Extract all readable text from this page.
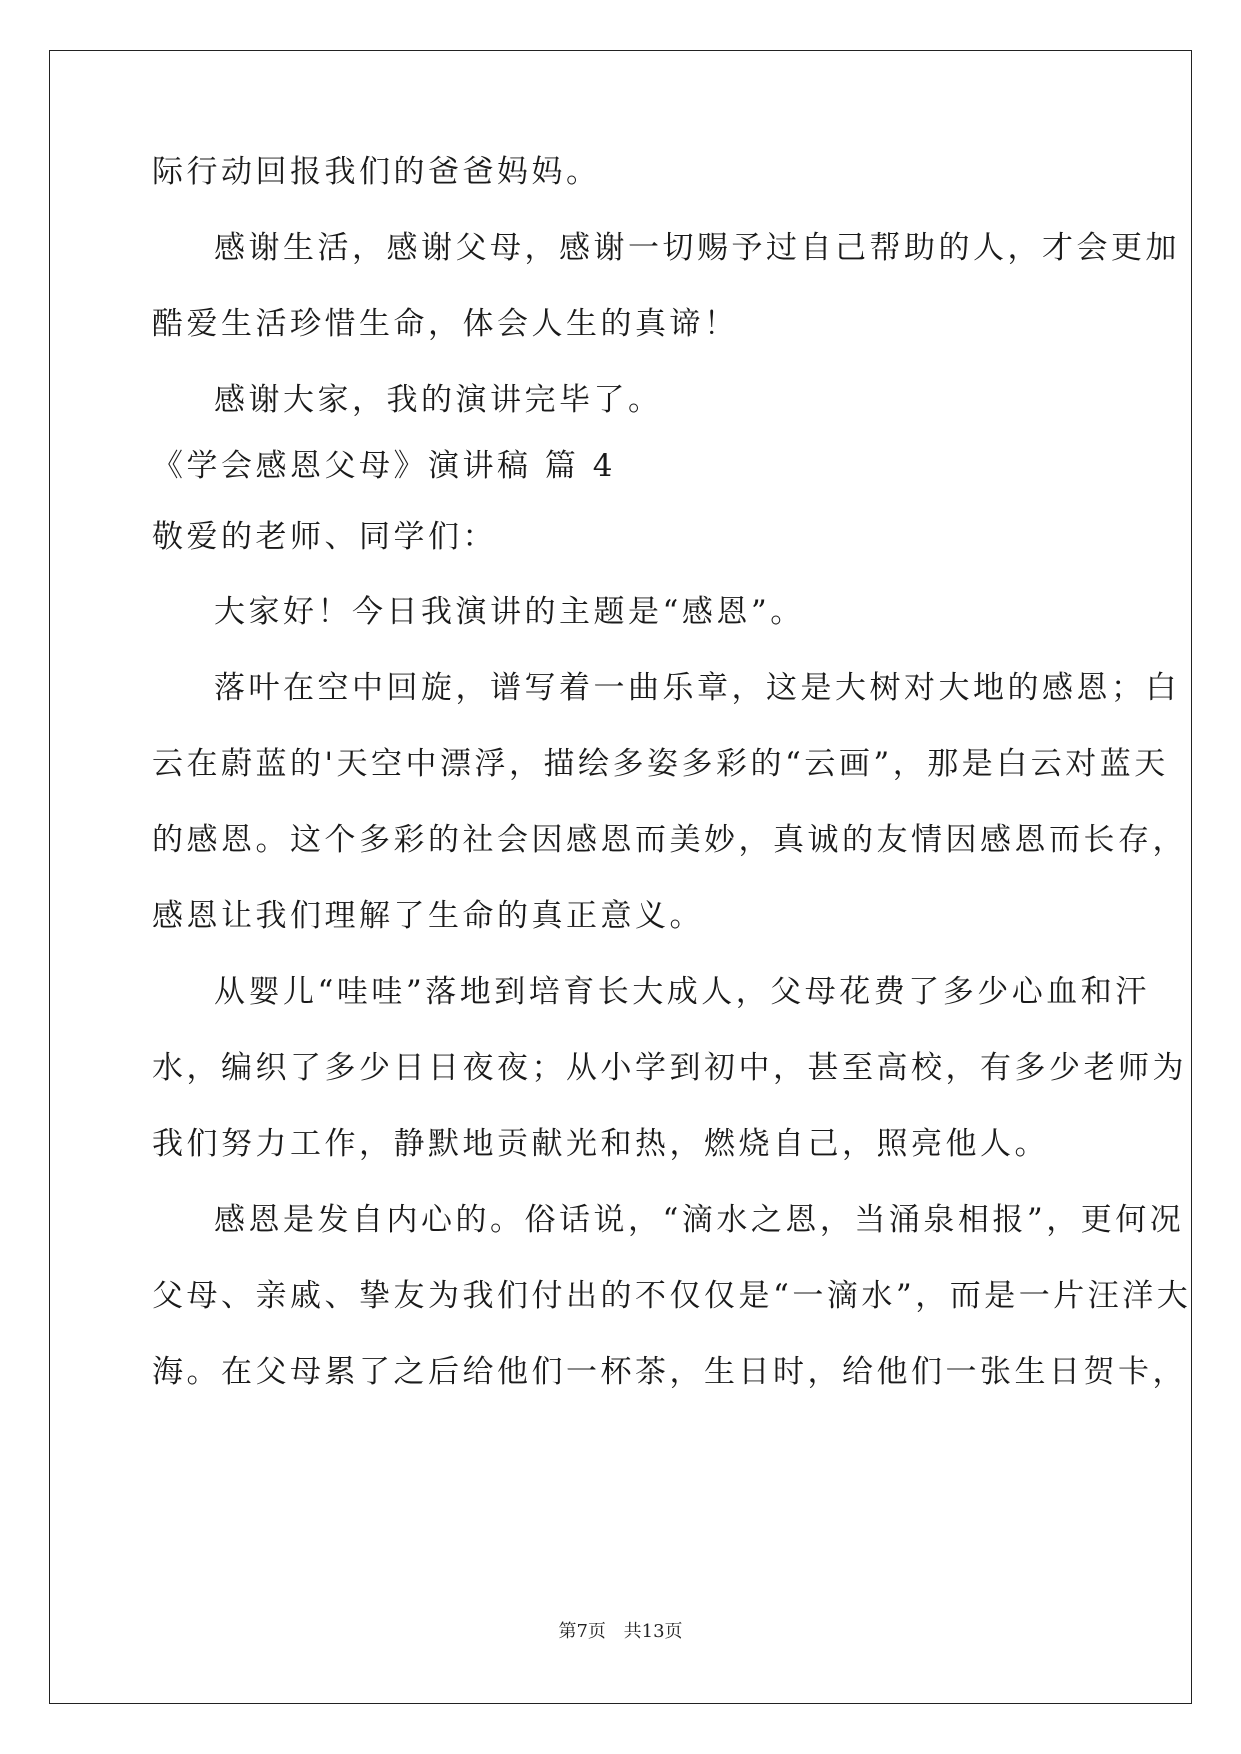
际行动回报我们的爸爸妈妈。
感谢生活，感谢父母，感谢一切赐予过自己帮助的人，才会更加
酷爱生活珍惜生命，体会人生的真谛！
感谢大家，我的演讲完毕了。
《学会感恩父母》演讲稿 篇 4
敬爱的老师、同学们：
大家好！今日我演讲的主题是“感恩”。
落叶在空中回旋，谱写着一曲乐章，这是大树对大地的感恩；白
云在蔚蓝的'天空中漂浮，描绘多姿多彩的“云画”，那是白云对蓝天
的感恩。这个多彩的社会因感恩而美妙，真诚的友情因感恩而长存，
感恩让我们理解了生命的真正意义。
从婴儿“哇哇”落地到培育长大成人，父母花费了多少心血和汗
水，编织了多少日日夜夜；从小学到初中，甚至高校，有多少老师为
我们努力工作，静默地贡献光和热，燃烧自己，照亮他人。
感恩是发自内心的。俗话说，“滴水之恩，当涌泉相报”，更何况
父母、亲戚、挚友为我们付出的不仅仅是“一滴水”，而是一片汪洋大
海。在父母累了之后给他们一杯茶，生日时，给他们一张生日贺卡，
第7页 共13页
